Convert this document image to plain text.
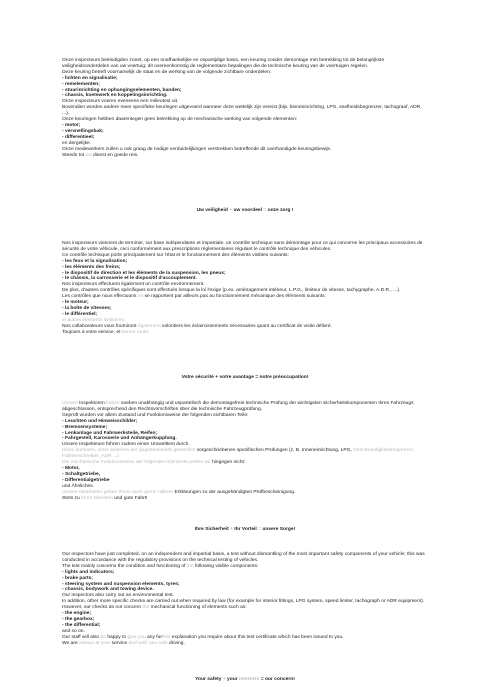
Onze inspecteurs beëindigden zonet, op een onafhankelijke en onpartijdige basis, een keuring zonder demontage met betrekking tot de belangrijkste veiligheidsonderdelen van uw voertuig; dit overeenkomstig de reglementaire bepalingen die de technische keuring van de voertuigen regelen.

Deze keuring betreft voornamelijk de staat en de werking van de volgende zichtbare onderdelen:

- lichten en signalisatie;

- remelementen;

- stuurinrichting en ophangingselementen, banden;

- chassis, koetswerk en koppelingsinrichting.

Onze inspecteurs voeren eveneens een milieutest uit.

Bovendien worden andere meer specifieke keuringen uitgevoerd wanneer deze wettelijk zijn vereist (bijv. binneninrichting, LPG, snelheidsbegrenzer, tachograaf, ADR, ...).

Onze keuringen hebben daarentegen geen betrekking op de mechanische werking van volgende elementen:

- motor;

- versnellingsbak;

- differentieel;

en dergelijke.

Onze medewerkers zullen u ook graag de nodige verduidelijkingen verstrekken betreffende dit overhandigde keuringsbewijs.

Steeds tot uw dienst en goede reis.

Uw veiligheid + uw voordeel = onze zorg !

Nos inspecteurs viennent de terminer, sur base indépendante et impartiale, un contrôle technique sans démontage pour ce qui concerne les principaux accessoires de sécurité de votre véhicule, ceci conformément aux prescriptions réglementaires régulant le contrôle technique des véhicules.

Ce contrôle technique porte principalement sur l'état et le fonctionnement des éléments visibles suivants:

- les feux et la signalisation;

- les éléments des freins;

- le dispositif de direction et les éléments de la suspension, les pneus;

- le châssis, la carrosserie et le dispositif d'accouplement.

Nos inspecteurs effectuent également un contrôle environnement.

De plus, d'autres contrôles spécifiques sont effectués lorsque la loi l'exige (p.ex. aménagement intérieur, L.P.G., limiteur de vitesse, tachygraphe, A.D.R., ...).

Les contrôles que nous effectuons ne se rapportent par ailleurs pas au fonctionnement mécanique des éléments suivants:

- le moteur;

- la boîte de vitesses;

- le différentiel;

et autres éléments similaires.

Nos collaborateurs vous fourniront également volontiers les éclaircissements nécessaires quant au certificat de visite délivré.

Toujours à votre service, et bonne route.

Votre sécurité + votre avantage = notre préoccupation!

Unsere Inspektoren haben soeben unabhängig und unparteilsch die demontagefreie technische Prüfung der wichtigsten Sicherheitskomponenten Ihres Fahrzeugs abgeschlossen, entsprechend den Rechtsvorschriften über die technische Fahrzeugprüfung.

Geprüft wurden vor allem Zustand und Funktionsweise der folgenden sichtbaren Teile:

- Leuchten und Hinweisschilder;

- Bremsensysteme;

- Lenkanlage und Fahrwerksteile, Reifen;

- Fahrgestell, Karosserie und Anhängerkupplung.

Unsere Inspekteure führen zudem einen Umwelttest durch.

Hinzu kommen, unter anderem der gegebenenfalls gesetzlich vorgeschriebenen spezifischen Prüfungen (z. B. Inneneinrichtung, LPG, Geschwindigkeitsbegrenzer, Fahrtenschreiber, ADR ...).

Die mechanische Funktionsweise der folgenden Elemente prüfen wir hingegen nicht:

- Motor,

- Schaltgetriebe,

- Differentialgetriebe

und Ähnliches.

Unsere Mitarbeiter geben Ihnen auch gerne nähere Erklärungen zu der ausgehändigten Prüfbescheinigung.

Stets zu Ihren Diensten und gute Fahrt!

Ihre Sicherheit + Ihr Vorteil = unsere Sorge!

Our inspectors have just completed, on an independent and impartial basis, a test without dismantling of the most important safety components of your vehicle; this was conducted in accordance with the regulatory provisions on the technical testing of vehicles.

The test mainly concerns the condition and functioning of the following visible components:

- lights and indicators;

- brake parts;

- steering system and suspension elements, tyres;

- chassis, bodywork and towing device.

Our inspectors also carry out an environmental test.

In addition, other more specific checks are carried out when required by law (for example for interior fittings, LPG system, speed limiter, tachograph or ADR equipment).

However, our checks do not concern the mechanical functioning of elements such as:

- the engine;

- the gearbox;

- the differential;

and so on.

Our staff will also be happy to give you any further explanation you require about this test certificate which has been issued to you.

We are always at your service and wish you safe driving.

Your safety + your interests = our concern!
